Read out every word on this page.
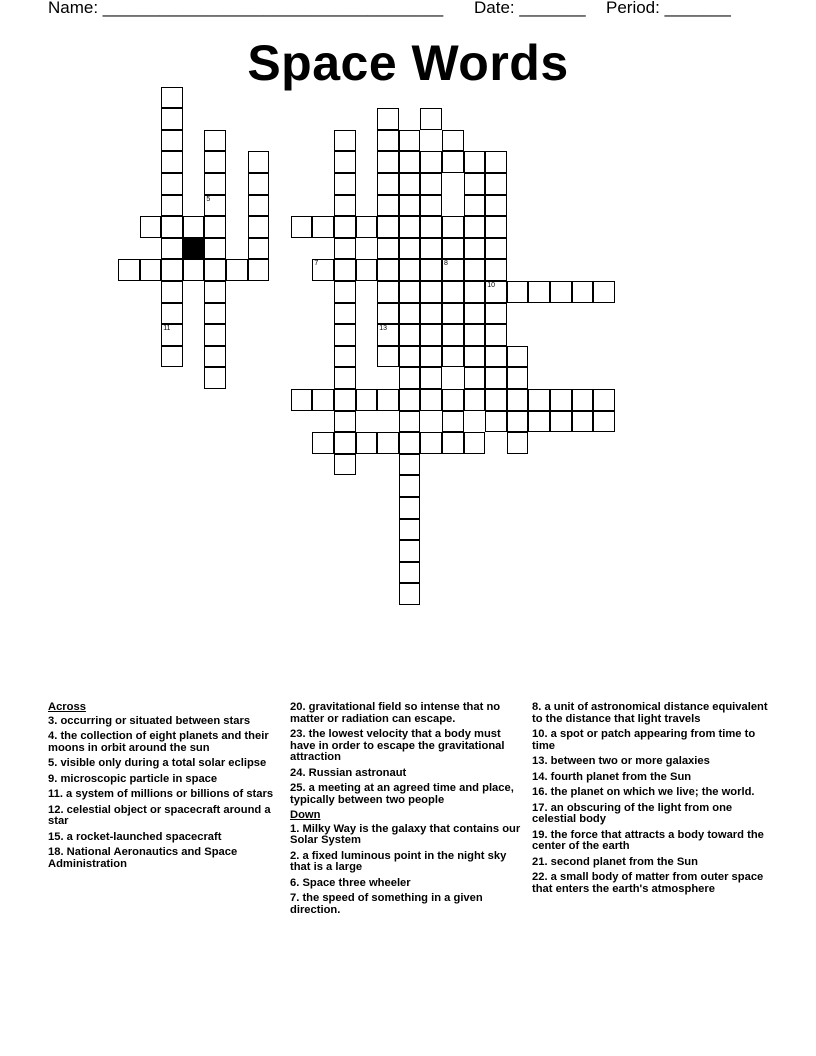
Name: ____________________________________ Date: _______ Period: _______
Space Words
11
5
7
13
8
10
Across
3. occurring or situated between stars
4. the collection of eight planets and their moons in orbit around the sun
5. visible only during a total solar eclipse
9. microscopic particle in space
11. a system of millions or billions of stars
12. celestial object or spacecraft around a star
15. a rocket-launched spacecraft
18. National Aeronautics and Space Administration
20. gravitational field so intense that no matter or radiation can escape.
23. the lowest velocity that a body must have in order to escape the gravitational attraction
24. Russian astronaut
25. a meeting at an agreed time and place, typically between two people
Down
1. Milky Way is the galaxy that contains our Solar System
2. a fixed luminous point in the night sky that is a large
6. Space three wheeler
7. the speed of something in a given direction.
8. a unit of astronomical distance equivalent to the distance that light travels
10. a spot or patch appearing from time to time
13. between two or more galaxies
14. fourth planet from the Sun
16. the planet on which we live; the world.
17. an obscuring of the light from one celestial body
19. the force that attracts a body toward the center of the earth
21. second planet from the Sun
22. a small body of matter from outer space that enters the earth's atmosphere
